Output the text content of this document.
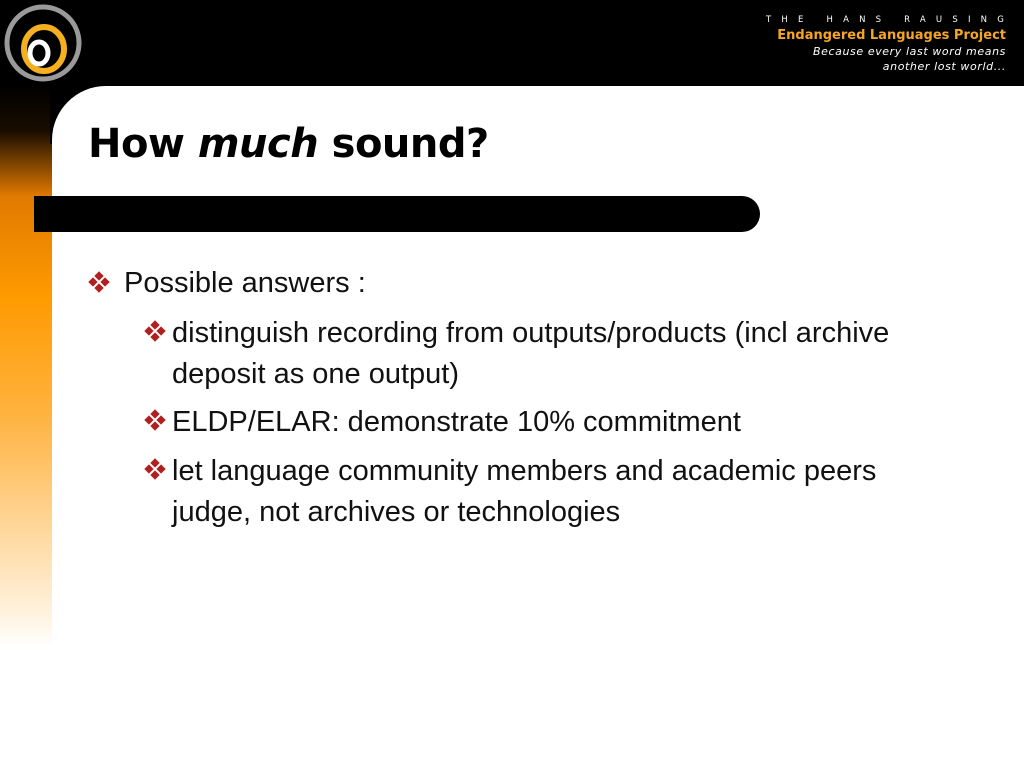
THE HANS RAUSING
Endangered Languages Project
Because every last word means
another lost world...
How much sound?
Possible answers :
distinguish recording from outputs/products (incl archive deposit as one output)
ELDP/ELAR: demonstrate 10% commitment
let language community members and academic peers judge, not archives or technologies
